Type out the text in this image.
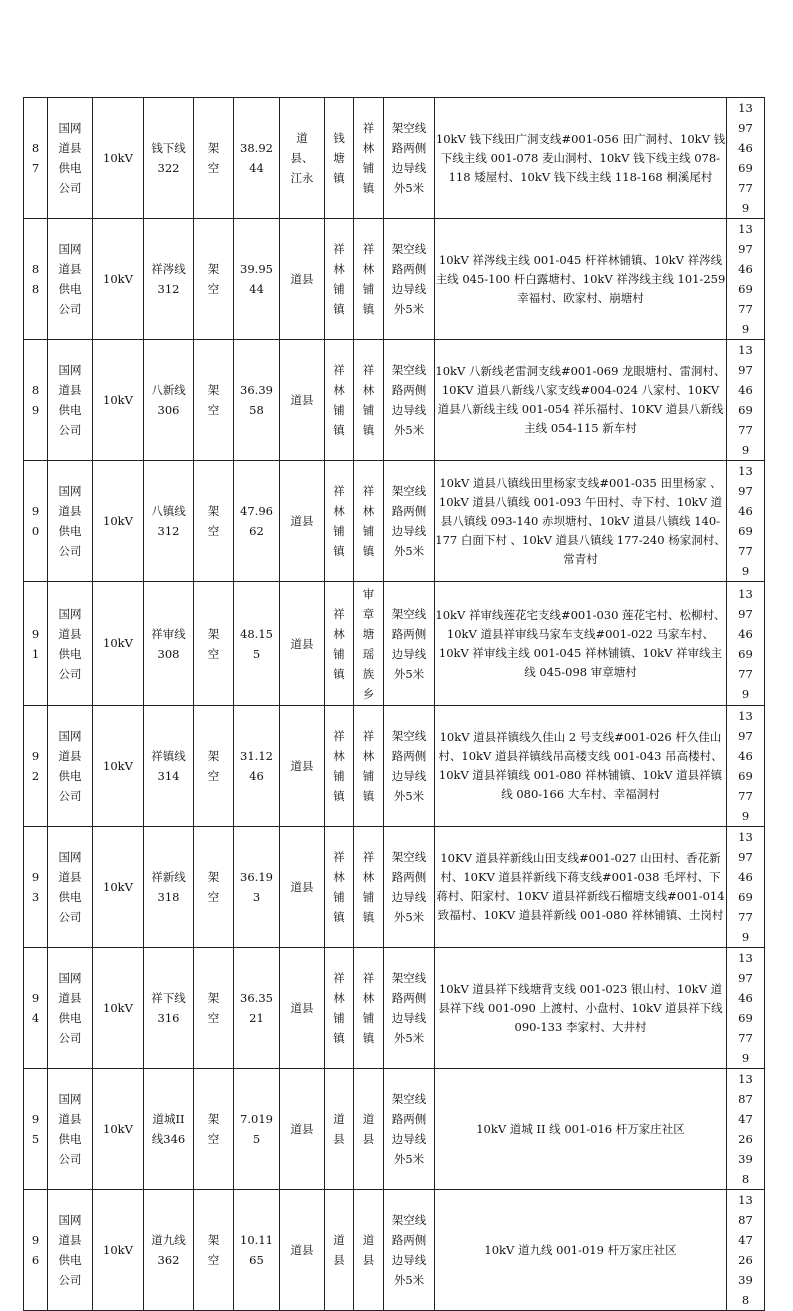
87	国网道县供电公司	10kV	钱下线322	架空	38.9244	道县、江永	钱塘镇	祥林铺镇	架空线路两侧边导线外5米	10kV 钱下线田广洞支线#001-056 田广洞村、10kV 钱下线主线 001-078 麦山洞村、10kV 钱下线主线 078-118 矮屋村、10kV 钱下线主线 118-168 桐溪尾村	13974669779
88	国网道县供电公司	10kV	祥涔线312	架空	39.9544	道县	祥林铺镇	祥林铺镇	架空线路两侧边导线外5米	10kV 祥涔线主线 001-045 杆祥林铺镇、10kV 祥涔线主线 045-100 杆白露塘村、10kV 祥涔线主线 101-259 幸福村、欧家村、崩塘村	13974669779
89	国网道县供电公司	10kV	八新线306	架空	36.3958	道县	祥林铺镇	祥林铺镇	架空线路两侧边导线外5米	10kV 八新线老雷洞支线#001-069 龙眼塘村、雷洞村、10KV 道县八新线八家支线#004-024 八家村、10KV 道县八新线主线 001-054 祥乐福村、10KV 道县八新线主线 054-115 新车村	13974669779
90	国网道县供电公司	10kV	八镇线312	架空	47.9662	道县	祥林铺镇	祥林铺镇	架空线路两侧边导线外5米	10kV 道县八镇线田里杨家支线#001-035 田里杨家 、10kV 道县八镇线 001-093 午田村、寺下村、10kV 道县八镇线 093-140 赤坝塘村、10kV 道县八镇线 140-177 白面下村 、10kV 道县八镇线 177-240 杨家洞村、常青村	13974669779
91	国网道县供电公司	10kV	祥审线308	架空	48.155	道县	祥林铺镇	审章塘瑶族乡	架空线路两侧边导线外5米	10kV 祥审线莲花宅支线#001-030 莲花宅村、松柳村、10kV 道县祥审线马家车支线#001-022 马家车村、10kV 祥审线主线 001-045 祥林铺镇、10kV 祥审线主线 045-098 审章塘村	13974669779
92	国网道县供电公司	10kV	祥镇线314	架空	31.1246	道县	祥林铺镇	祥林铺镇	架空线路两侧边导线外5米	10kV 道县祥镇线久佳山 2 号支线#001-026 杆久佳山村、10kV 道县祥镇线吊高楼支线 001-043 吊高楼村、10kV 道县祥镇线 001-080 祥林铺镇、10kV 道县祥镇线 080-166 大车村、幸福洞村	13974669779
93	国网道县供电公司	10kV	祥新线318	架空	36.193	道县	祥林铺镇	祥林铺镇	架空线路两侧边导线外5米	10KV 道县祥新线山田支线#001-027 山田村、香花新村、10KV 道县祥新线下蒋支线#001-038 毛坪村、下蒋村、阳家村、10KV 道县祥新线石榴塘支线#001-014 致福村、10KV 道县祥新线 001-080 祥林铺镇、土岗村	13974669779
94	国网道县供电公司	10kV	祥下线316	架空	36.3521	道县	祥林铺镇	祥林铺镇	架空线路两侧边导线外5米	10kV 道县祥下线塘背支线 001-023 银山村、10kV 道县祥下线 001-090 上渡村、小盘村、10kV 道县祥下线 090-133 李家村、大井村	13974669779
95	国网道县供电公司	10kV	道城II线346	架空	7.0195	道县	道县	道县	架空线路两侧边导线外5米	10kV 道城 II 线 001-016 杆万家庄社区	13874726398
96	国网道县供电公司	10kV	道九线362	架空	10.1165	道县	道县	道县	架空线路两侧边导线外5米	10kV 道九线 001-019 杆万家庄社区	13874726398
